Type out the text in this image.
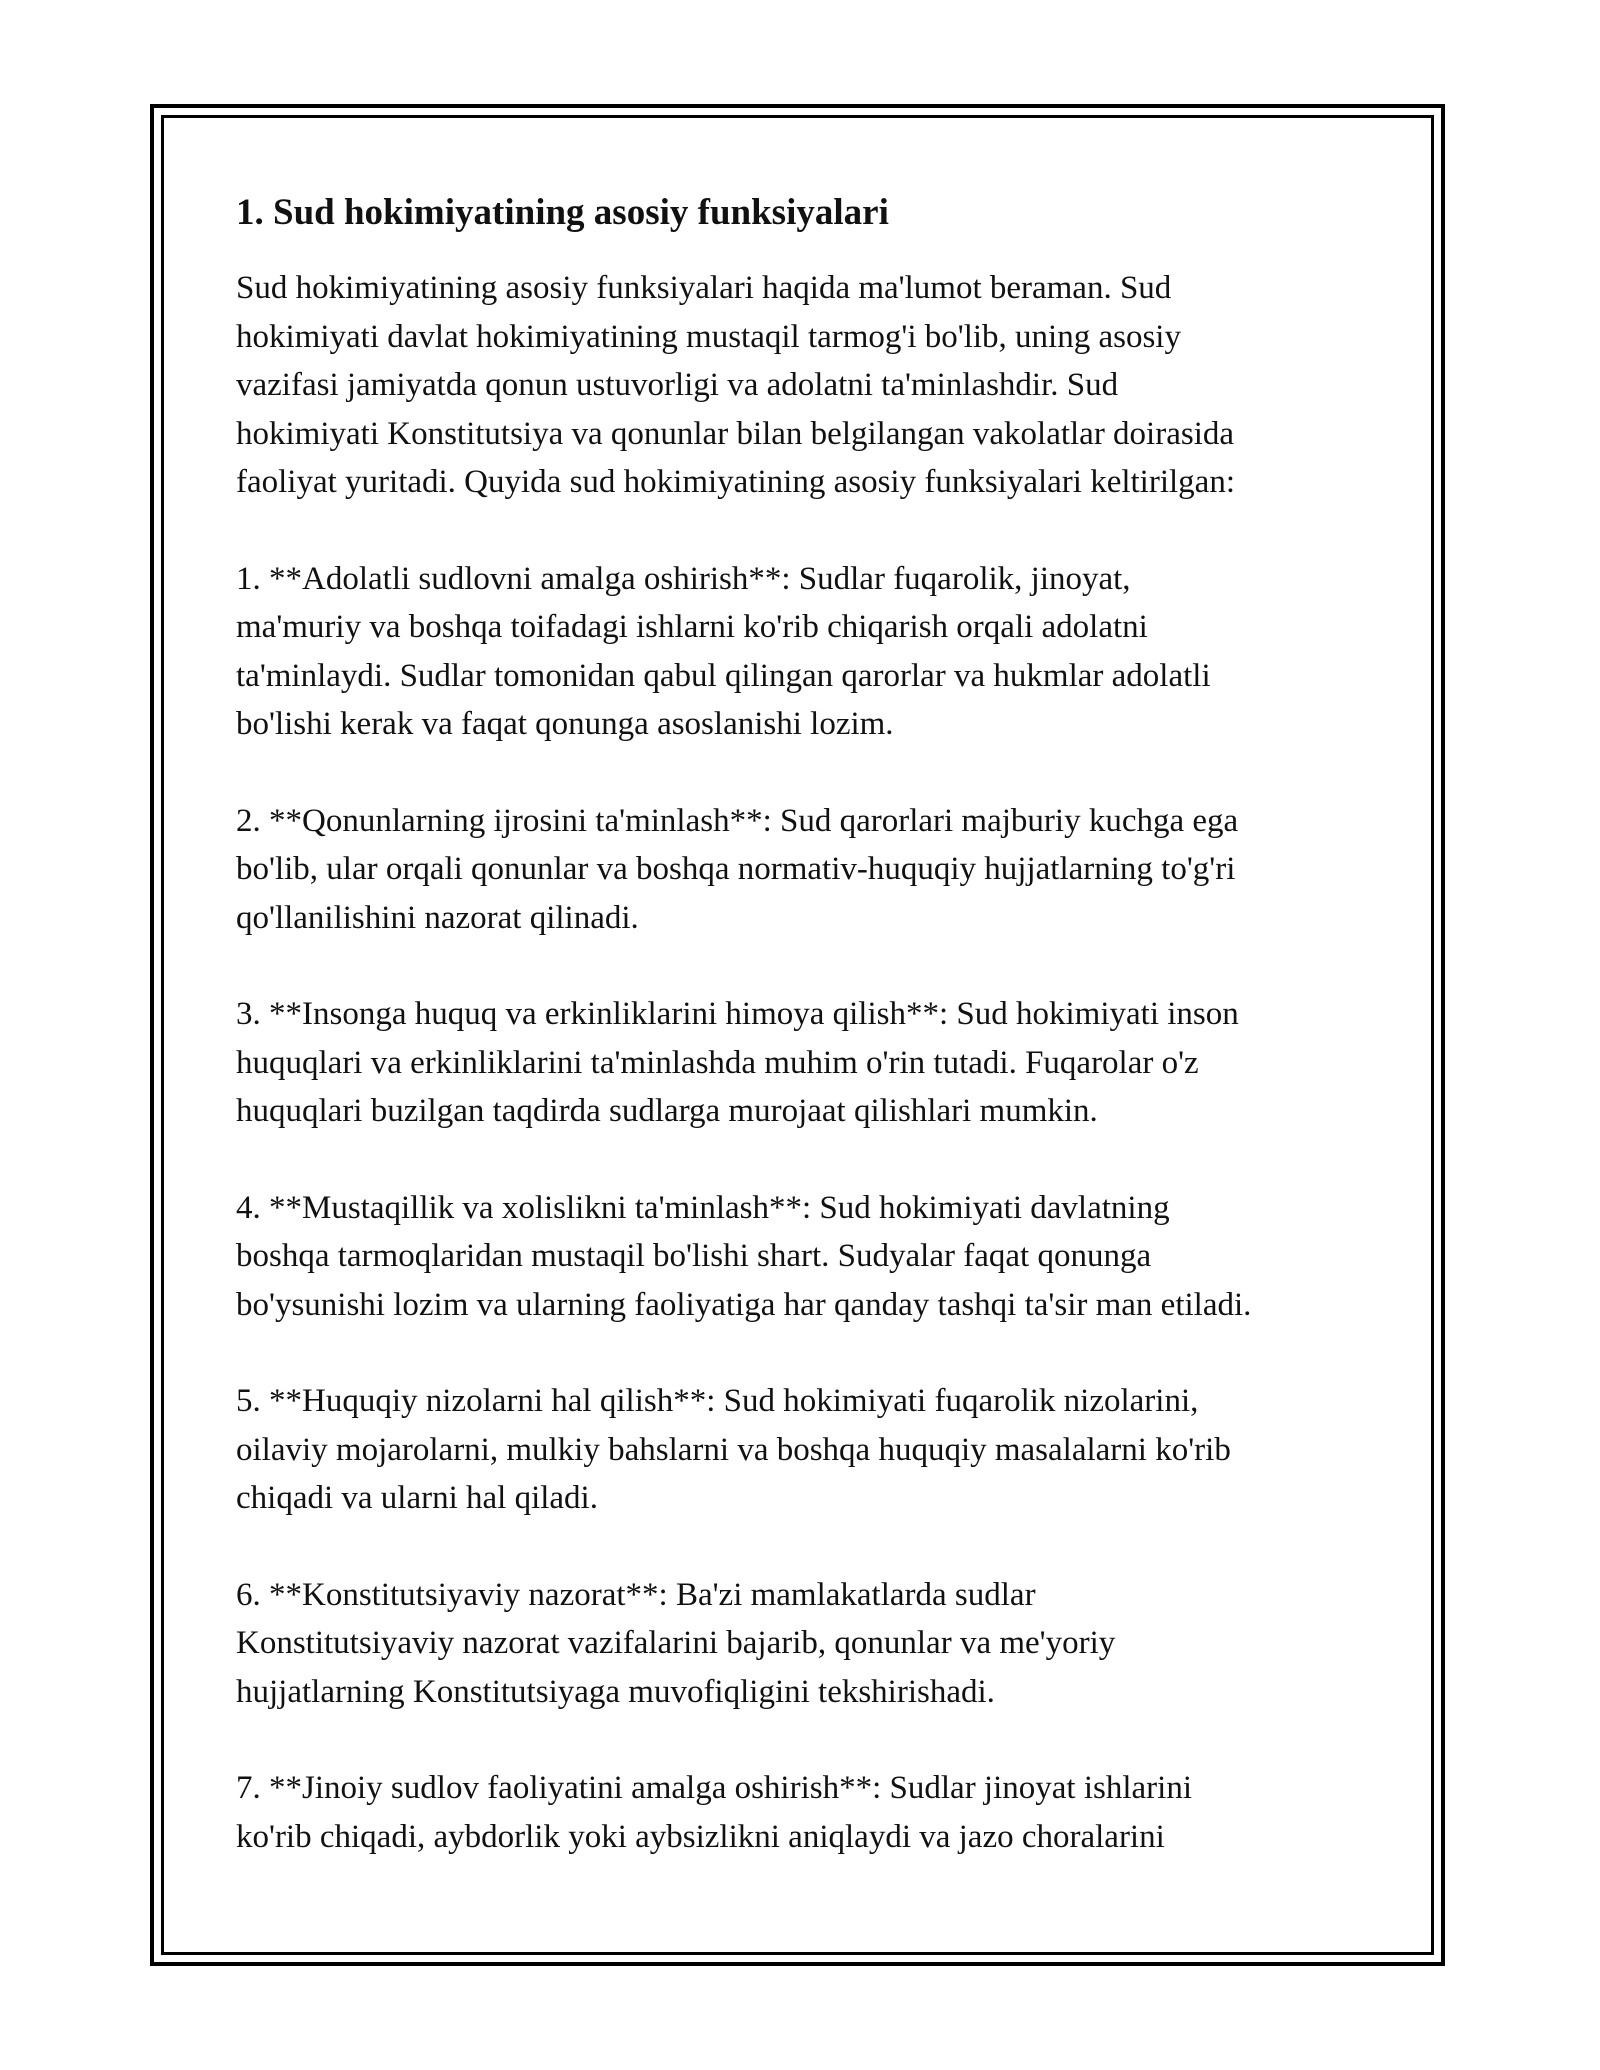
1. Sud hokimiyatining asosiy funksiyalari
Sud hokimiyatining asosiy funksiyalari haqida ma'lumot beraman. Sud
hokimiyati davlat hokimiyatining mustaqil tarmog'i bo'lib, uning asosiy
vazifasi jamiyatda qonun ustuvorligi va adolatni ta'minlashdir. Sud
hokimiyati Konstitutsiya va qonunlar bilan belgilangan vakolatlar doirasida
faoliyat yuritadi. Quyida sud hokimiyatining asosiy funksiyalari keltirilgan:
1. **Adolatli sudlovni amalga oshirish**: Sudlar fuqarolik, jinoyat,
ma'muriy va boshqa toifadagi ishlarni ko'rib chiqarish orqali adolatni
ta'minlaydi. Sudlar tomonidan qabul qilingan qarorlar va hukmlar adolatli
bo'lishi kerak va faqat qonunga asoslanishi lozim.
2. **Qonunlarning ijrosini ta'minlash**: Sud qarorlari majburiy kuchga ega
bo'lib, ular orqali qonunlar va boshqa normativ-huquqiy hujjatlarning to'g'ri
qo'llanilishini nazorat qilinadi.
3. **Insonga huquq va erkinliklarini himoya qilish**: Sud hokimiyati inson
huquqlari va erkinliklarini ta'minlashda muhim o'rin tutadi. Fuqarolar o'z
huquqlari buzilgan taqdirda sudlarga murojaat qilishlari mumkin.
4. **Mustaqillik va xolislikni ta'minlash**: Sud hokimiyati davlatning
boshqa tarmoqlaridan mustaqil bo'lishi shart. Sudyalar faqat qonunga
bo'ysunishi lozim va ularning faoliyatiga har qanday tashqi ta'sir man etiladi.
5. **Huquqiy nizolarni hal qilish**: Sud hokimiyati fuqarolik nizolarini,
oilaviy mojarolarni, mulkiy bahslarni va boshqa huquqiy masalalarni ko'rib
chiqadi va ularni hal qiladi.
6. **Konstitutsiyaviy nazorat**: Ba'zi mamlakatlarda sudlar
Konstitutsiyaviy nazorat vazifalarini bajarib, qonunlar va me'yoriy
hujjatlarning Konstitutsiyaga muvofiqligini tekshirishadi.
7. **Jinoiy sudlov faoliyatini amalga oshirish**: Sudlar jinoyat ishlarini
ko'rib chiqadi, aybdorlik yoki aybsizlikni aniqlaydi va jazo choralarini
